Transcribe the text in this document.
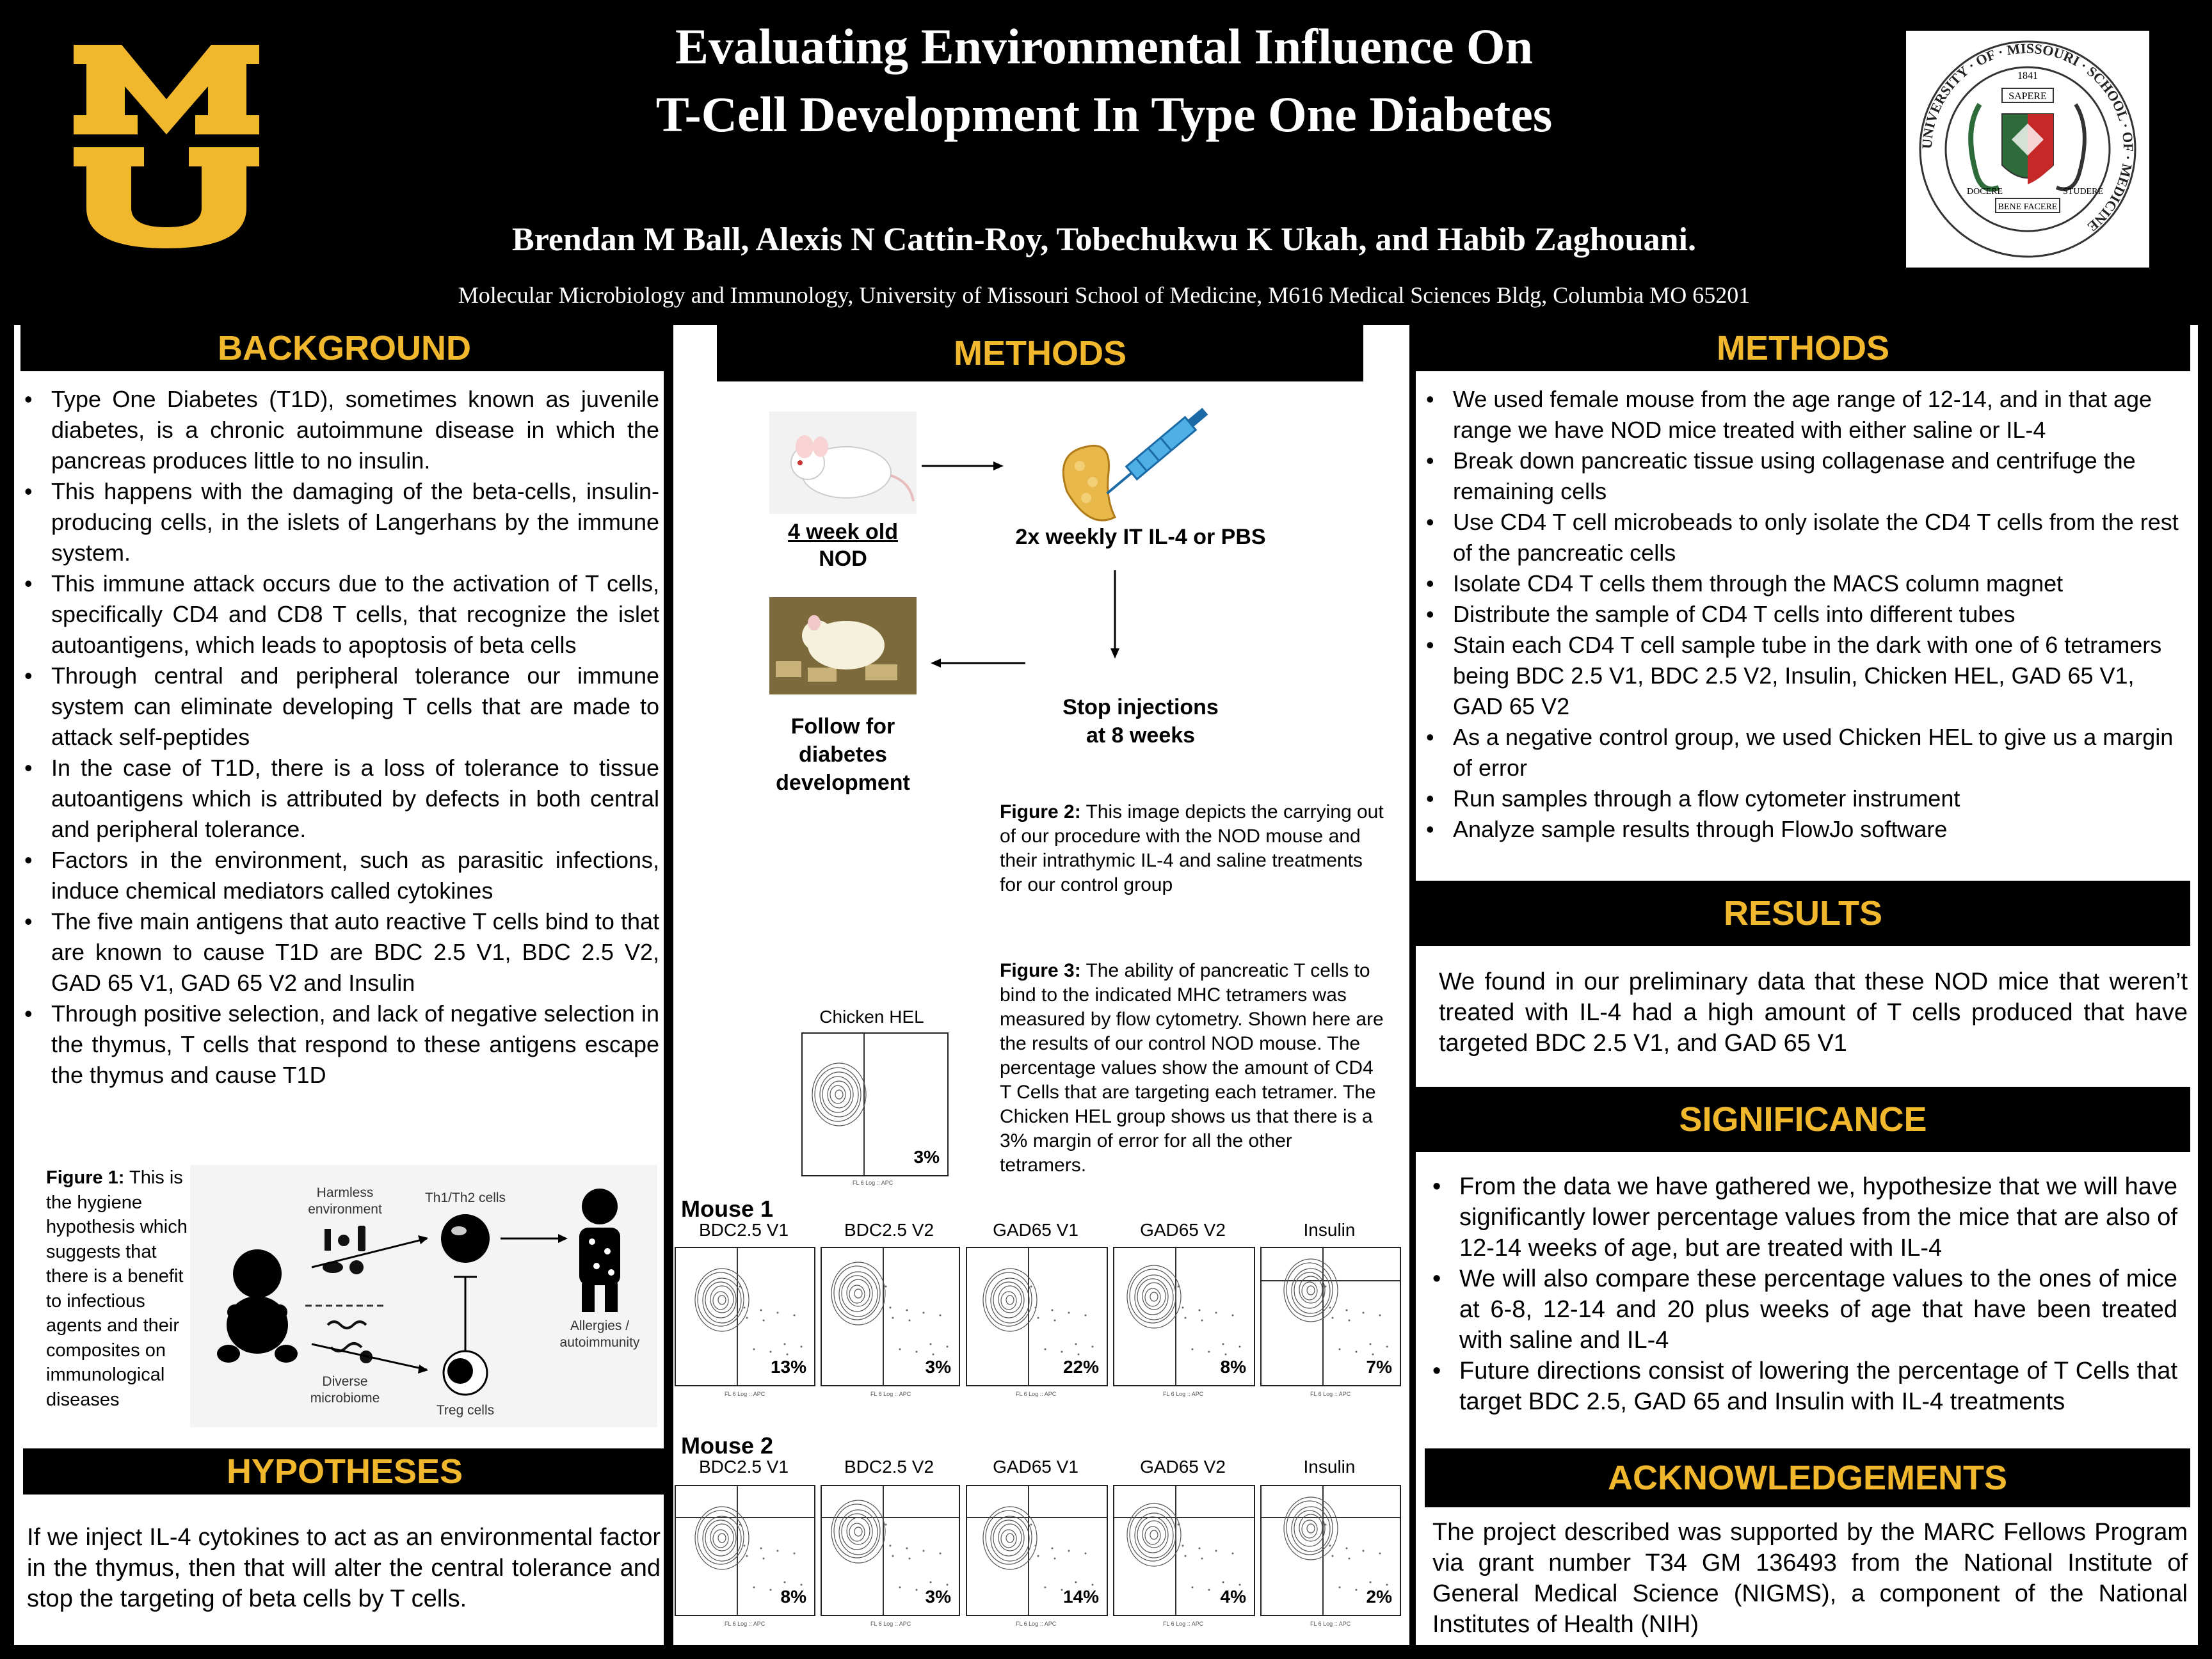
Evaluating Environmental Influence On
T-Cell Development In Type One Diabetes
Brendan M Ball, Alexis N Cattin-Roy, Tobechukwu K Ukah, and Habib Zaghouani.
Molecular Microbiology and Immunology, University of Missouri School of Medicine, M616 Medical Sciences Bldg, Columbia MO 65201
UNIVERSITY · OF · MISSOURI · SCHOOL · OF · MEDICINE
SAPERE
DOCERE	STUDERE
BENE FACERE
1841
BACKGROUND
• Type One Diabetes (T1D), sometimes known as juvenile diabetes, is a chronic autoimmune disease in which the pancreas produces little to no insulin.
• This happens with the damaging of the beta-cells, insulin-producing cells, in the islets of Langerhans by the immune system.
• This immune attack occurs due to the activation of T cells, specifically CD4 and CD8 T cells, that recognize the islet autoantigens, which leads to apoptosis of beta cells
• Through central and peripheral tolerance our immune system can eliminate developing T cells that are made to attack self-peptides
• In the case of T1D, there is a loss of tolerance to tissue autoantigens which is attributed by defects in both central and peripheral tolerance.
• Factors in the environment, such as parasitic infections, induce chemical mediators called cytokines
• The five main antigens that auto reactive T cells bind to that are known to cause T1D are BDC 2.5 V1, BDC 2.5 V2, GAD 65 V1, GAD 65 V2 and Insulin
• Through positive selection, and lack of negative selection in the thymus, T cells that respond to these antigens escape the thymus and cause T1D
Figure 1: This is the hygiene hypothesis which suggests that there is a benefit to infectious agents and their composites on immunological diseases
Harmless
environment
Diverse
microbiome
Th1/Th2 cells
Treg cells
Allergies /
autoimmunity
HYPOTHESES
If we inject IL-4 cytokines to act as an environmental factor in the thymus, then that will alter the central tolerance and stop the targeting of beta cells by T cells.
METHODS
4 week old
NOD
2x weekly IT IL-4 or PBS
Stop injections
at 8 weeks
Follow for
diabetes
development
Figure 2: This image depicts the carrying out of our procedure with the NOD mouse and their intrathymic IL-4 and saline treatments for our control group
Figure 3: The ability of pancreatic T cells to bind to the indicated MHC tetramers was measured by flow cytometry. Shown here are the results of our control NOD mouse. The percentage values show the amount of CD4 T Cells that are targeting each tetramer. The Chicken HEL group shows us that there is a 3% margin of error for all the other tetramers.
Chicken HEL
3%
FL 6 Log :: APC
Mouse 1
BDC2.5 V1
13%
FL 6 Log :: APC
BDC2.5 V2
3%
FL 6 Log :: APC
GAD65 V1
22%
FL 6 Log :: APC
GAD65 V2
8%
FL 6 Log :: APC
Insulin
7%
FL 6 Log :: APC
Mouse 2
BDC2.5 V1
8%
FL 6 Log :: APC
BDC2.5 V2
3%
FL 6 Log :: APC
GAD65 V1
14%
FL 6 Log :: APC
GAD65 V2
4%
FL 6 Log :: APC
Insulin
2%
FL 6 Log :: APC
METHODS
• We used female mouse from the age range of 12-14, and in that age range we have NOD mice treated with either saline or IL-4
• Break down pancreatic tissue using collagenase and centrifuge the remaining cells
• Use CD4 T cell microbeads to only isolate the CD4 T cells from the rest of the pancreatic cells
• Isolate CD4 T cells them through the MACS column magnet
• Distribute the sample of CD4 T cells into different tubes
• Stain each CD4 T cell sample tube in the dark with one of 6 tetramers being BDC 2.5 V1, BDC 2.5 V2, Insulin, Chicken HEL, GAD 65 V1, GAD 65 V2
• As a negative control group, we used Chicken HEL to give us a margin of error
• Run samples through a flow cytometer instrument
• Analyze sample results through FlowJo software
RESULTS
We found in our preliminary data that these NOD mice that weren’t treated with IL-4 had a high amount of T cells produced that have targeted BDC 2.5 V1, and GAD 65 V1
SIGNIFICANCE
• From the data we have gathered we, hypothesize that we will have significantly lower percentage values from the mice that are also of 12-14 weeks of age, but are treated with IL-4
• We will also compare these percentage values to the ones of mice at 6-8, 12-14 and 20 plus weeks of age that have been treated with saline and IL-4
• Future directions consist of lowering the percentage of T Cells that target BDC 2.5, GAD 65 and Insulin with IL-4 treatments
ACKNOWLEDGEMENTS
The project described was supported by the MARC Fellows Program via grant number T34 GM 136493 from the National Institute of General Medical Science (NIGMS), a component of the National Institutes of Health (NIH)
